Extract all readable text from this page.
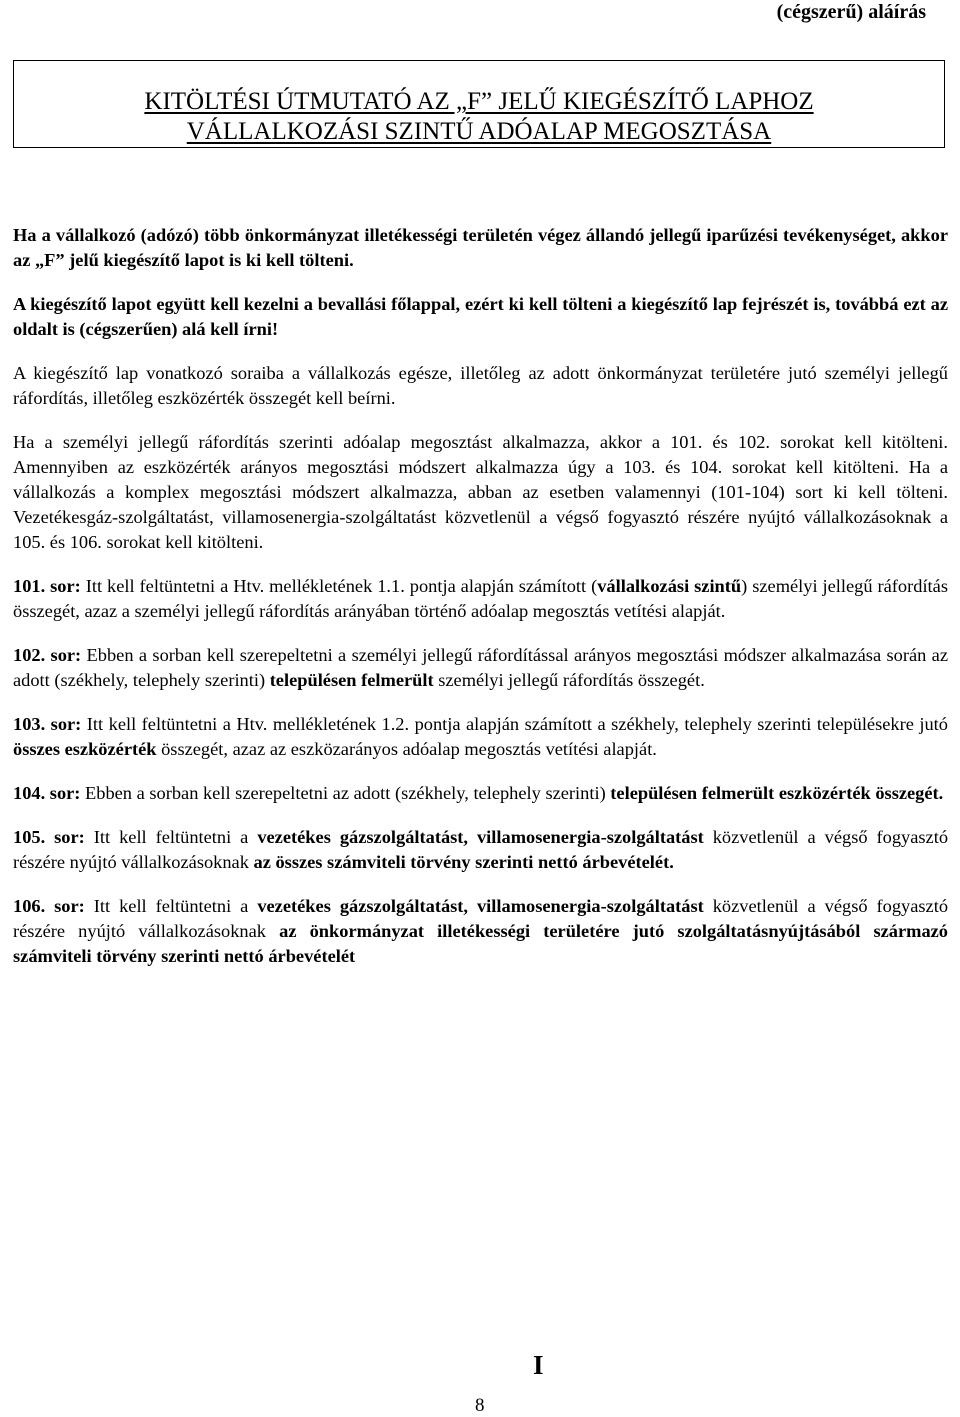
(cégszerű) aláírás
KITÖLTÉSI ÚTMUTATÓ AZ „F” JELŰ KIEGÉSZÍTŐ LAPHOZ
VÁLLALKOZÁSI SZINTŰ ADÓALAP MEGOSZTÁSA

Ha a vállalkozó (adózó) több önkormányzat illetékességi területén végez állandó jellegű iparűzési tevékenységet, akkor az „F” jelű kiegészítő lapot is ki kell tölteni.

A kiegészítő lapot együtt kell kezelni a bevallási főlappal, ezért ki kell tölteni a kiegészítő lap fejrészét is, továbbá ezt az oldalt is (cégszerűen) alá kell írni!

A kiegészítő lap vonatkozó soraiba a vállalkozás egésze, illetőleg az adott önkormányzat területére jutó személyi jellegű ráfordítás, illetőleg eszközérték összegét kell beírni.

Ha a személyi jellegű ráfordítás szerinti adóalap megosztást alkalmazza, akkor a 101. és 102. sorokat kell kitölteni. Amennyiben az eszközérték arányos megosztási módszert alkalmazza úgy a 103. és 104. sorokat kell kitölteni. Ha a vállalkozás a komplex megosztási módszert alkalmazza, abban az esetben valamennyi (101-104) sort ki kell tölteni. Vezetékesgáz-szolgáltatást, villamosenergia-szolgáltatást közvetlenül a végső fogyasztó részére nyújtó vállalkozásoknak a 105. és 106. sorokat kell kitölteni.

101. sor: Itt kell feltüntetni a Htv. mellékletének 1.1. pontja alapján számított (vállalkozási szintű) személyi jellegű ráfordítás összegét, azaz a személyi jellegű ráfordítás arányában történő adóalap megosztás vetítési alapját.

102. sor: Ebben a sorban kell szerepeltetni a személyi jellegű ráfordítással arányos megosztási módszer alkalmazása során az adott (székhely, telephely szerinti) településen felmerült személyi jellegű ráfordítás összegét.

103. sor: Itt kell feltüntetni a Htv. mellékletének 1.2. pontja alapján számított a székhely, telephely szerinti településekre jutó összes eszközérték összegét, azaz az eszközarányos adóalap megosztás vetítési alapját.

104. sor: Ebben a sorban kell szerepeltetni az adott (székhely, telephely szerinti) településen felmerült eszközérték összegét.

105. sor: Itt kell feltüntetni a vezetékes gázszolgáltatást, villamosenergia-szolgáltatást közvetlenül a végső fogyasztó részére nyújtó vállalkozásoknak az összes számviteli törvény szerinti nettó árbevételét.

106. sor: Itt kell feltüntetni a vezetékes gázszolgáltatást, villamosenergia-szolgáltatást közvetlenül a végső fogyasztó részére nyújtó vállalkozásoknak az önkormányzat illetékességi területére jutó szolgáltatásnyújtásából származó számviteli törvény szerinti nettó árbevételét

I
8
